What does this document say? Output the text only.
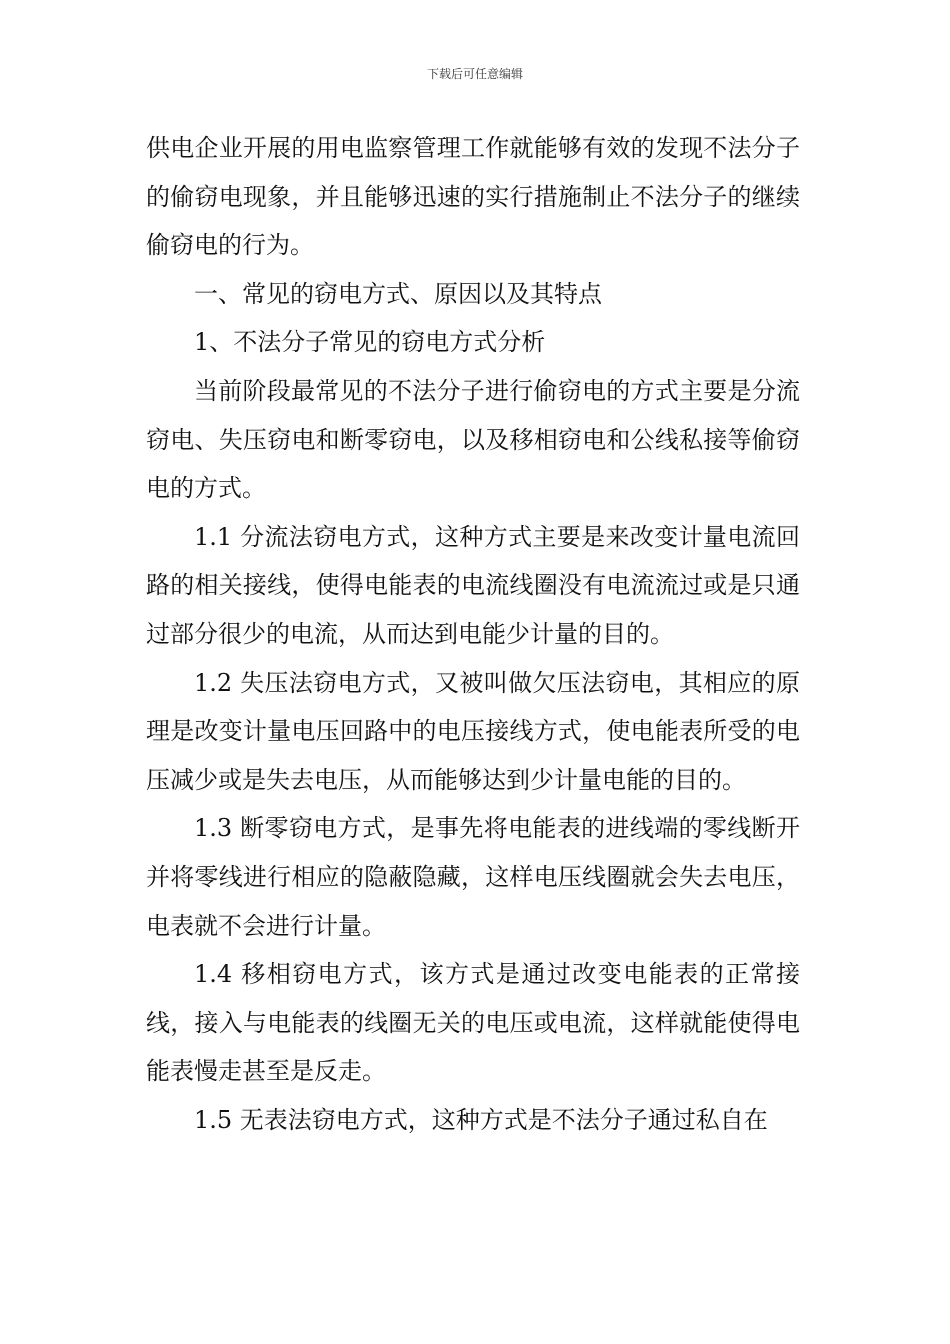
下载后可任意编辑

供电企业开展的用电监察管理工作就能够有效的发现不法分子的偷窃电现象，并且能够迅速的实行措施制止不法分子的继续偷窃电的行为。

一、常见的窃电方式、原因以及其特点

1、不法分子常见的窃电方式分析

当前阶段最常见的不法分子进行偷窃电的方式主要是分流窃电、失压窃电和断零窃电，以及移相窃电和公线私接等偷窃电的方式。

1.1 分流法窃电方式，这种方式主要是来改变计量电流回路的相关接线，使得电能表的电流线圈没有电流流过或是只通过部分很少的电流，从而达到电能少计量的目的。

1.2 失压法窃电方式，又被叫做欠压法窃电，其相应的原理是改变计量电压回路中的电压接线方式，使电能表所受的电压减少或是失去电压，从而能够达到少计量电能的目的。

1.3 断零窃电方式，是事先将电能表的进线端的零线断开并将零线进行相应的隐蔽隐藏，这样电压线圈就会失去电压，电表就不会进行计量。

1.4 移相窃电方式，该方式是通过改变电能表的正常接线，接入与电能表的线圈无关的电压或电流，这样就能使得电能表慢走甚至是反走。

1.5 无表法窃电方式，这种方式是不法分子通过私自在
